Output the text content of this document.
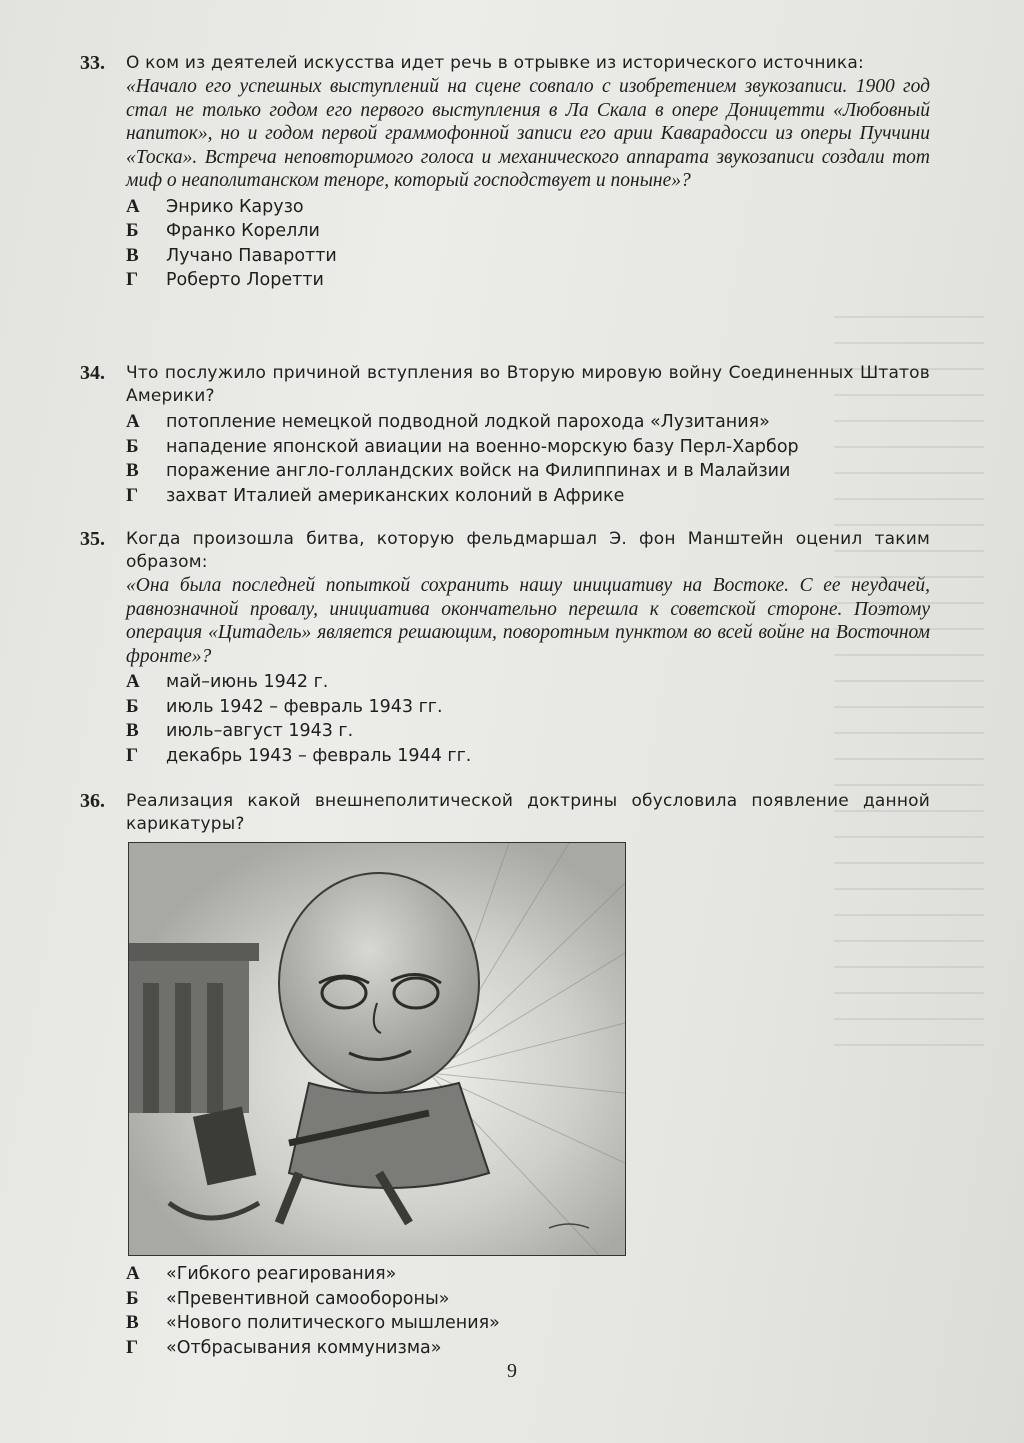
33. О ком из деятелей искусства идет речь в отрывке из исторического источника:
«Начало его успешных выступлений на сцене совпало с изобретением звукозаписи. 1900 год стал не только годом его первого выступления в Ла Скала в опере Доницетти «Любовный напиток», но и годом первой граммофонной записи его арии Каварадосси из оперы Пуччини «Тоска». Встреча неповторимого голоса и механического аппарата звукозаписи создали тот миф о неаполитанском теноре, который господствует и поныне»?
А	Энрико Карузо
Б	Франко Корелли
В	Лучано Паваротти
Г	Роберто Лоретти
34. Что послужило причиной вступления во Вторую мировую войну Соединенных Штатов Америки?
А	потопление немецкой подводной лодкой парохода «Лузитания»
Б	нападение японской авиации на военно-морскую базу Перл-Харбор
В	поражение англо-голландских войск на Филиппинах и в Малайзии
Г	захват Италией американских колоний в Африке
35. Когда произошла битва, которую фельдмаршал Э. фон Манштейн оценил таким образом:
«Она была последней попыткой сохранить нашу инициативу на Востоке. С ее неудачей, равнозначной провалу, инициатива окончательно перешла к советской стороне. Поэтому операция «Цитадель» является решающим, поворотным пунктом во всей войне на Восточном фронте»?
А	май–июнь 1942 г.
Б	июль 1942 – февраль 1943 гг.
В	июль–август 1943 г.
Г	декабрь 1943 – февраль 1944 гг.
36. Реализация какой внешнеполитической доктрины обусловила появление данной карикатуры?
А	«Гибкого реагирования»
Б	«Превентивной самообороны»
В	«Нового политического мышления»
Г	«Отбрасывания коммунизма»
9
